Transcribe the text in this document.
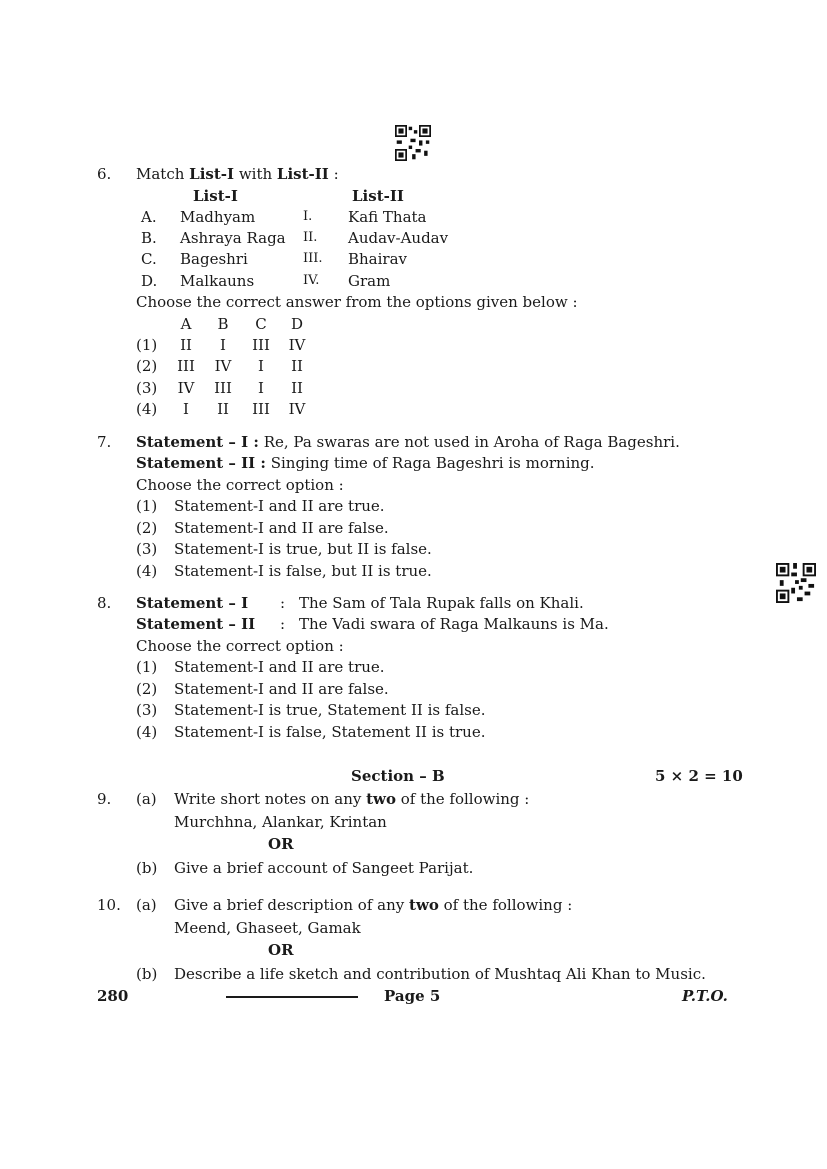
6. Match List-I with List-II :
List-I	List-II
A. Madhyam	I. Kafi Thata
B. Ashraya Raga II. Audav-Audav
C. Bageshri	III. Bhairav
D. Malkauns	IV. Gram
Choose the correct answer from the options given below :
A	B C D
(1)	II	I	III	IV
(2)	III	IV	I	II
(3)	IV	III	I	II
(4)	I	II	III	IV
7. Statement – I : Re, Pa swaras are not used in Aroha of Raga Bageshri.
Statement – II : Singing time of Raga Bageshri is morning.
Choose the correct option :
(1) Statement-I and II are true.
(2) Statement-I and II are false.
(3) Statement-I is true, but II is false.
(4) Statement-I is false, but II is true.
8. Statement – I : The Sam of Tala Rupak falls on Khali.
Statement – II : The Vadi swara of Raga Malkauns is Ma.
Choose the correct option :
(1) Statement-I and II are true.
(2) Statement-I and II are false.
(3) Statement-I is true, Statement II is false.
(4) Statement-I is false, Statement II is true.
Section – B	5 × 2 = 10
9. (a) Write short notes on any two of the following :
Murchhna, Alankar, Krintan
OR
(b) Give a brief account of Sangeet Parijat.
10. (a) Give a brief description of any two of the following :
Meend, Ghaseet, Gamak
OR
(b) Describe a life sketch and contribution of Mushtaq Ali Khan to Music.
280	Page 5	P.T.O.
